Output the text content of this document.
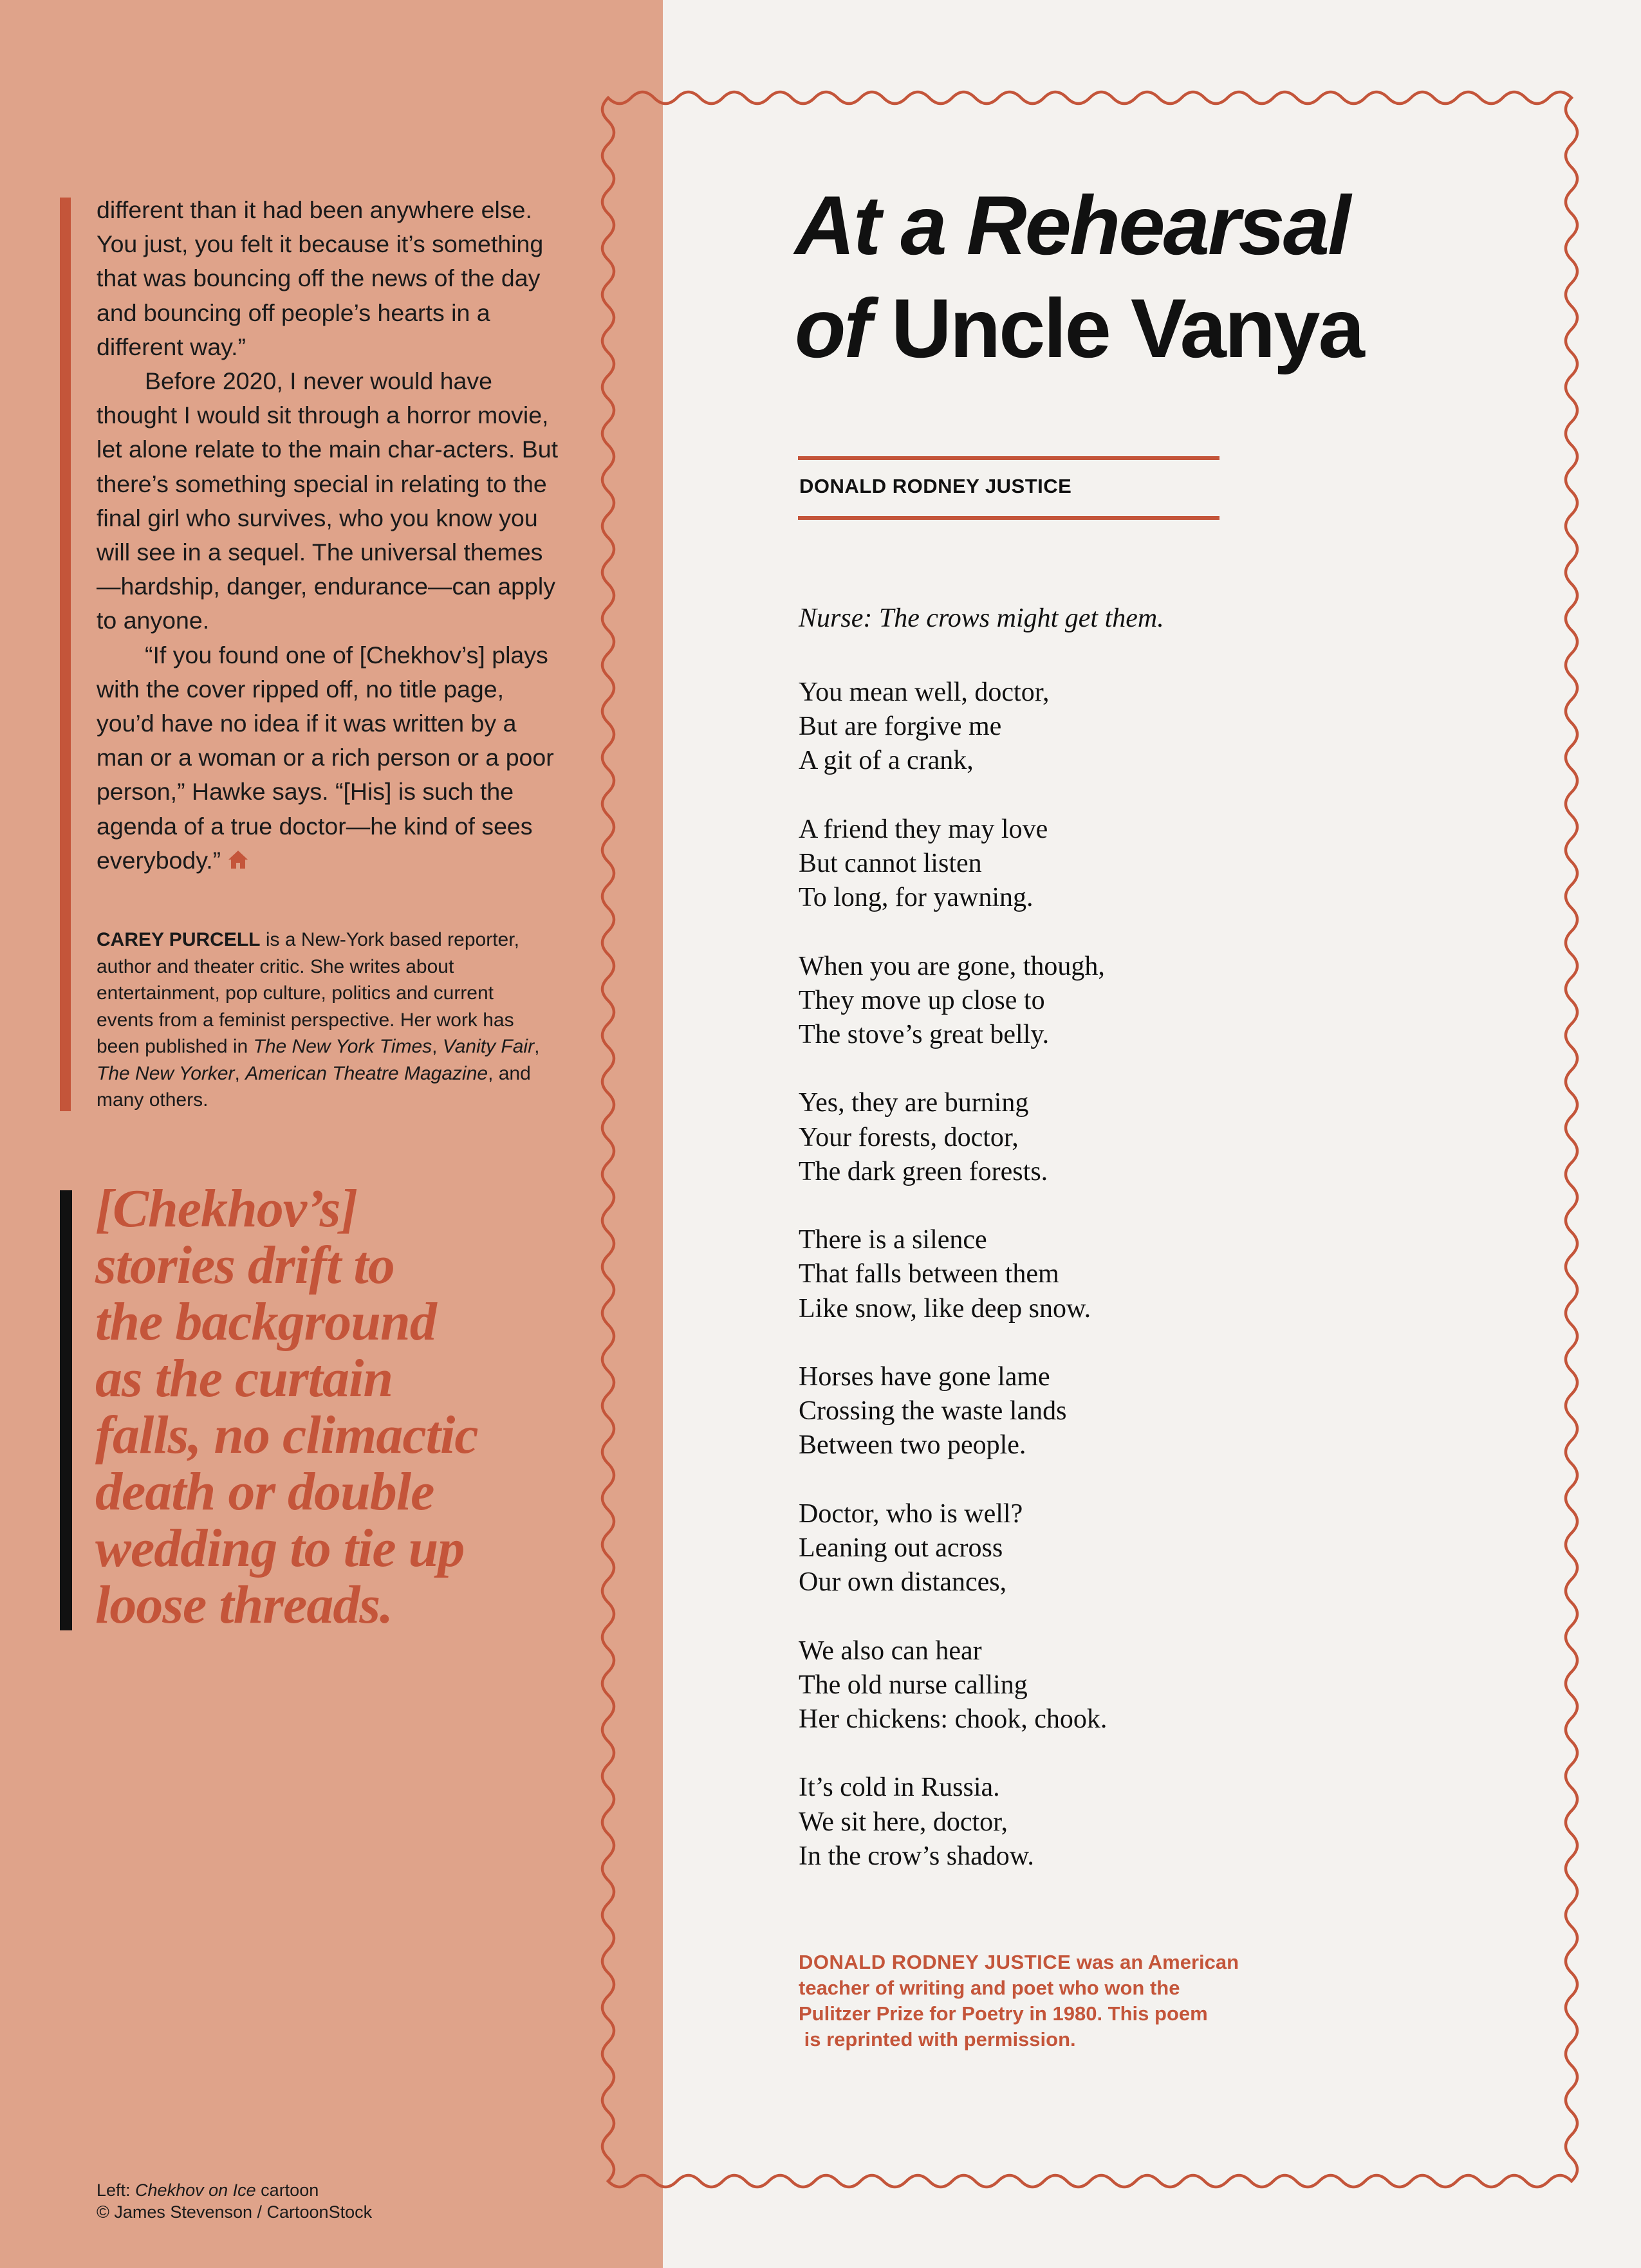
different than it had been anywhere else. You just, you felt it because it’s something that was bouncing off the news of the day and bouncing off people’s hearts in a different way.”

Before 2020, I never would have thought I would sit through a horror movie, let alone relate to the main char-acters. But there’s something special in relating to the final girl who survives, who you know you will see in a sequel. The universal themes—hardship, danger, endurance—can apply to anyone.

“If you found one of [Chekhov’s] plays with the cover ripped off, no title page, you’d have no idea if it was written by a man or a woman or a rich person or a poor person,” Hawke says. “[His] is such the agenda of a true doctor—he kind of sees everybody.”

CAREY PURCELL is a New-York based reporter, author and theater critic. She writes about entertainment, pop culture, politics and current events from a feminist perspective. Her work has been published in The New York Times, Vanity Fair, The New Yorker, American Theatre Magazine, and many others.
[Chekhov’s]
stories drift to
the background
as the curtain
falls, no climactic
death or double
wedding to tie up
loose threads.
Left: Chekhov on Ice cartoon
© James Stevenson / CartoonStock
At a Rehearsal
of Uncle Vanya
DONALD RODNEY JUSTICE
Nurse: The crows might get them.
You mean well, doctor,
But are forgive me
A git of a crank,
A friend they may love
But cannot listen
To long, for yawning.
When you are gone, though,
They move up close to
The stove’s great belly.
Yes, they are burning
Your forests, doctor,
The dark green forests.
There is a silence
That falls between them
Like snow, like deep snow.
Horses have gone lame
Crossing the waste lands
Between two people.
Doctor, who is well?
Leaning out across
Our own distances,
We also can hear
The old nurse calling
Her chickens: chook, chook.
It’s cold in Russia.
We sit here, doctor,
In the crow’s shadow.
DONALD RODNEY JUSTICE was an American
teacher of writing and poet who won the
Pulitzer Prize for Poetry in 1980. This poem
is reprinted with permission.
